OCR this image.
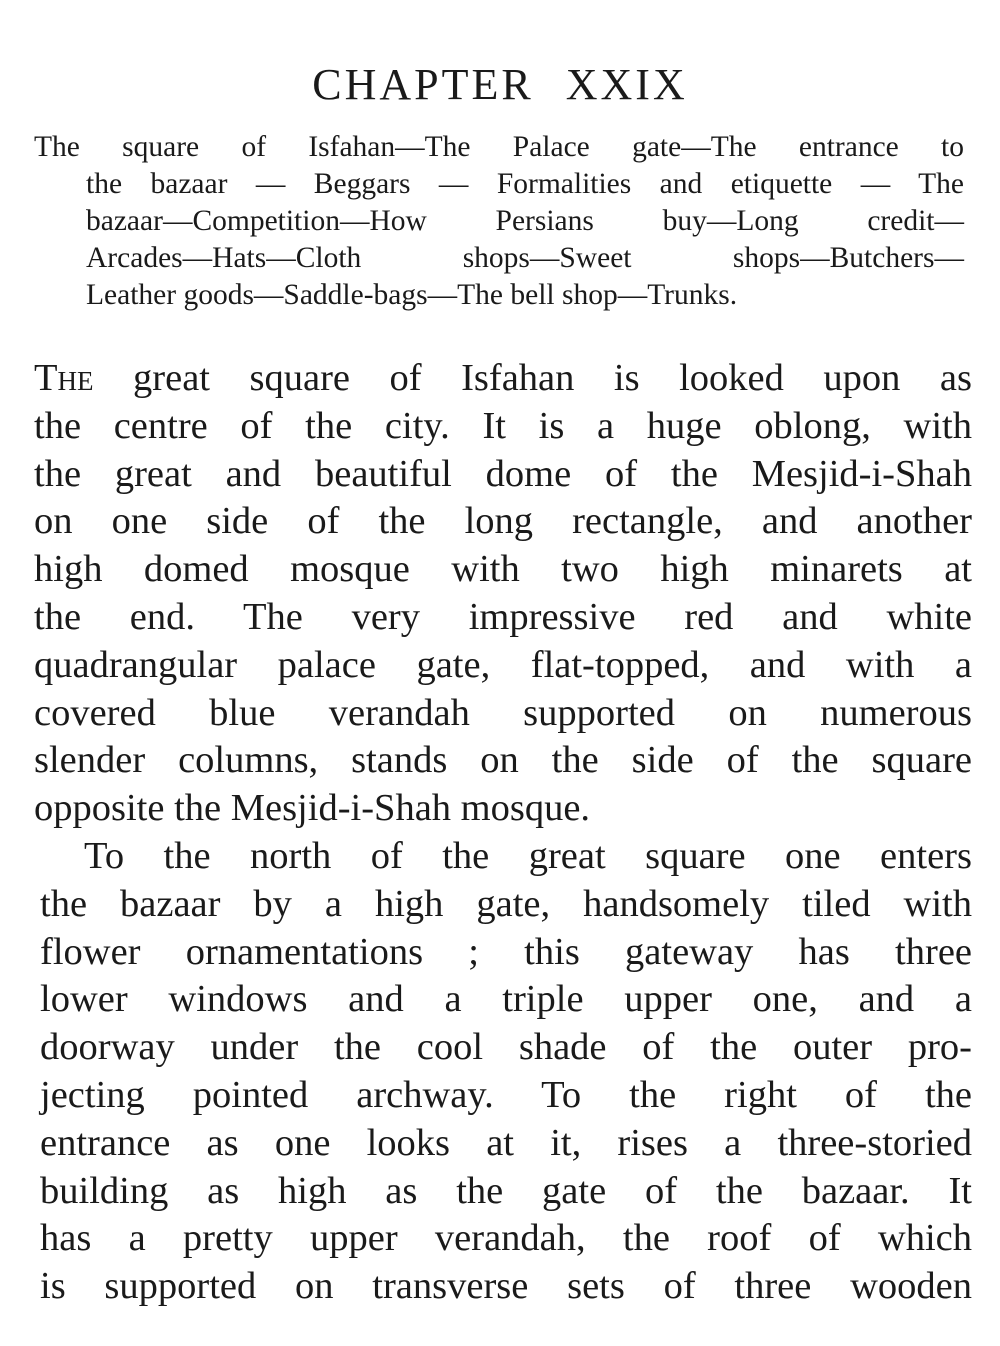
CHAPTER XXIX
The square of Isfahan—The Palace gate—The entrance to
the bazaar — Beggars — Formalities and etiquette — The
bazaar—Competition—How Persians buy—Long credit—
Arcades—Hats—Cloth shops—Sweet shops—Butchers—
Leather goods—Saddle-bags—The bell shop—Trunks.
The great square of Isfahan is looked upon as
the centre of the city. It is a huge oblong, with
the great and beautiful dome of the Mesjid-i-Shah
on one side of the long rectangle, and another
high domed mosque with two high minarets at
the end. The very impressive red and white
quadrangular palace gate, flat-topped, and with a
covered blue verandah supported on numerous
slender columns, stands on the side of the square
opposite the Mesjid-i-Shah mosque.
To the north of the great square one enters
the bazaar by a high gate, handsomely tiled with
flower ornamentations ; this gateway has three
lower windows and a triple upper one, and a
doorway under the cool shade of the outer pro-
jecting pointed archway. To the right of the
entrance as one looks at it, rises a three-storied
building as high as the gate of the bazaar. It
has a pretty upper verandah, the roof of which
is supported on transverse sets of three wooden
